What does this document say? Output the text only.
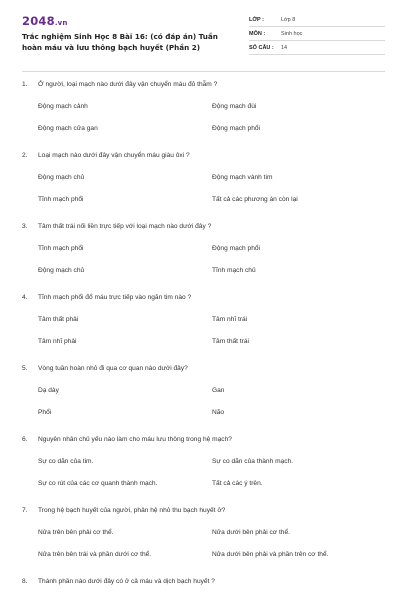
2048.vn
Trắc nghiệm Sinh Học 8 Bài 16: (có đáp án) Tuần hoàn máu và lưu thông bạch huyết (Phần 2)
LỚP :	Lớp 8
MÔN :	Sinh học
SỐ CÂU :	14
1. Ở người, loại mạch nào dưới đây vận chuyển máu đỏ thẫm ?
Động mạch cảnh	Động mạch đùi
Động mạch cửa gan	Động mạch phổi
2. Loại mạch nào dưới đây vận chuyển máu giàu ôxi ?
Động mạch chủ	Động mạch vành tim
Tĩnh mạch phổi	Tất cả các phương án còn lại
3. Tâm thất trái nối liền trực tiếp với loại mạch nào dưới đây ?
Tĩnh mạch phổi	Động mạch phổi
Động mạch chủ	Tĩnh mạch chủ
4. Tĩnh mạch phổi đổ máu trực tiếp vào ngăn tim nào ?
Tâm thất phải	Tâm nhĩ trái
Tâm nhĩ phải	Tâm thất trái
5. Vòng tuần hoàn nhỏ đi qua cơ quan nào dưới đây?
Dạ dày	Gan
Phổi	Não
6. Nguyên nhân chủ yếu nào làm cho máu lưu thông trong hệ mạch?
Sự co dãn của tim.	Sự co dãn của thành mạch.
Sự co rút của các cơ quanh thành mạch.	Tất cả các ý trên.
7. Trong hệ bạch huyết của người, phân hệ nhỏ thu bạch huyết ở?
Nửa trên bên phải cơ thể.	Nửa dưới bên phải cơ thể.
Nửa trên bên trái và phần dưới cơ thể.	Nửa dưới bên phải và phần trên cơ thể.
8. Thành phần nào dưới đây có ở cả máu và dịch bạch huyết ?
